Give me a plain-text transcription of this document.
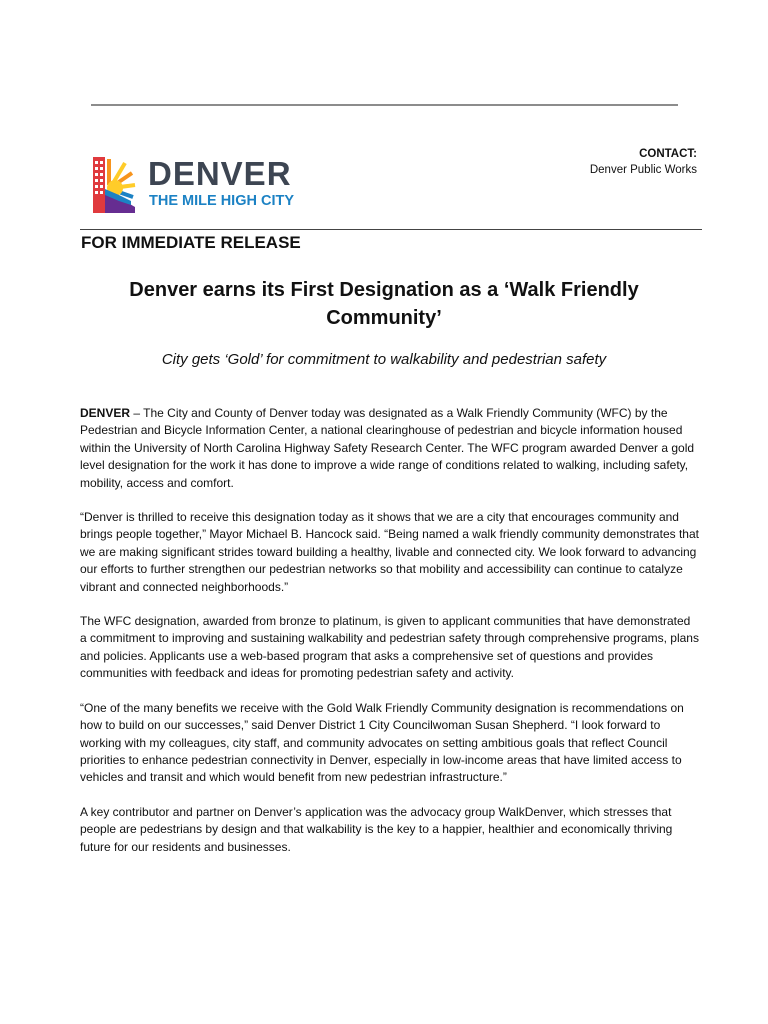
CONTACT:
Denver Public Works
DENVER
THE MILE HIGH CITY
FOR IMMEDIATE RELEASE
Denver earns its First Designation as a ‘Walk Friendly Community’
City gets ‘Gold’ for commitment to walkability and pedestrian safety

DENVER – The City and County of Denver today was designated as a Walk Friendly Community (WFC) by the Pedestrian and Bicycle Information Center, a national clearinghouse of pedestrian and bicycle information housed within the University of North Carolina Highway Safety Research Center. The WFC program awarded Denver a gold level designation for the work it has done to improve a wide range of conditions related to walking, including safety, mobility, access and comfort.

“Denver is thrilled to receive this designation today as it shows that we are a city that encourages community and brings people together,” Mayor Michael B. Hancock said. “Being named a walk friendly community demonstrates that we are making significant strides toward building a healthy, livable and connected city. We look forward to advancing our efforts to further strengthen our pedestrian networks so that mobility and accessibility can continue to catalyze vibrant and connected neighborhoods.”

The WFC designation, awarded from bronze to platinum, is given to applicant communities that have demonstrated a commitment to improving and sustaining walkability and pedestrian safety through comprehensive programs, plans and policies. Applicants use a web-based program that asks a comprehensive set of questions and provides communities with feedback and ideas for promoting pedestrian safety and activity.

“One of the many benefits we receive with the Gold Walk Friendly Community designation is recommendations on how to build on our successes,” said Denver District 1 City Councilwoman Susan Shepherd. “I look forward to working with my colleagues, city staff, and community advocates on setting ambitious goals that reflect Council priorities to enhance pedestrian connectivity in Denver, especially in low-income areas that have limited access to vehicles and transit and which would benefit from new pedestrian infrastructure.”

A key contributor and partner on Denver’s application was the advocacy group WalkDenver, which stresses that people are pedestrians by design and that walkability is the key to a happier, healthier and economically thriving future for our residents and businesses.
